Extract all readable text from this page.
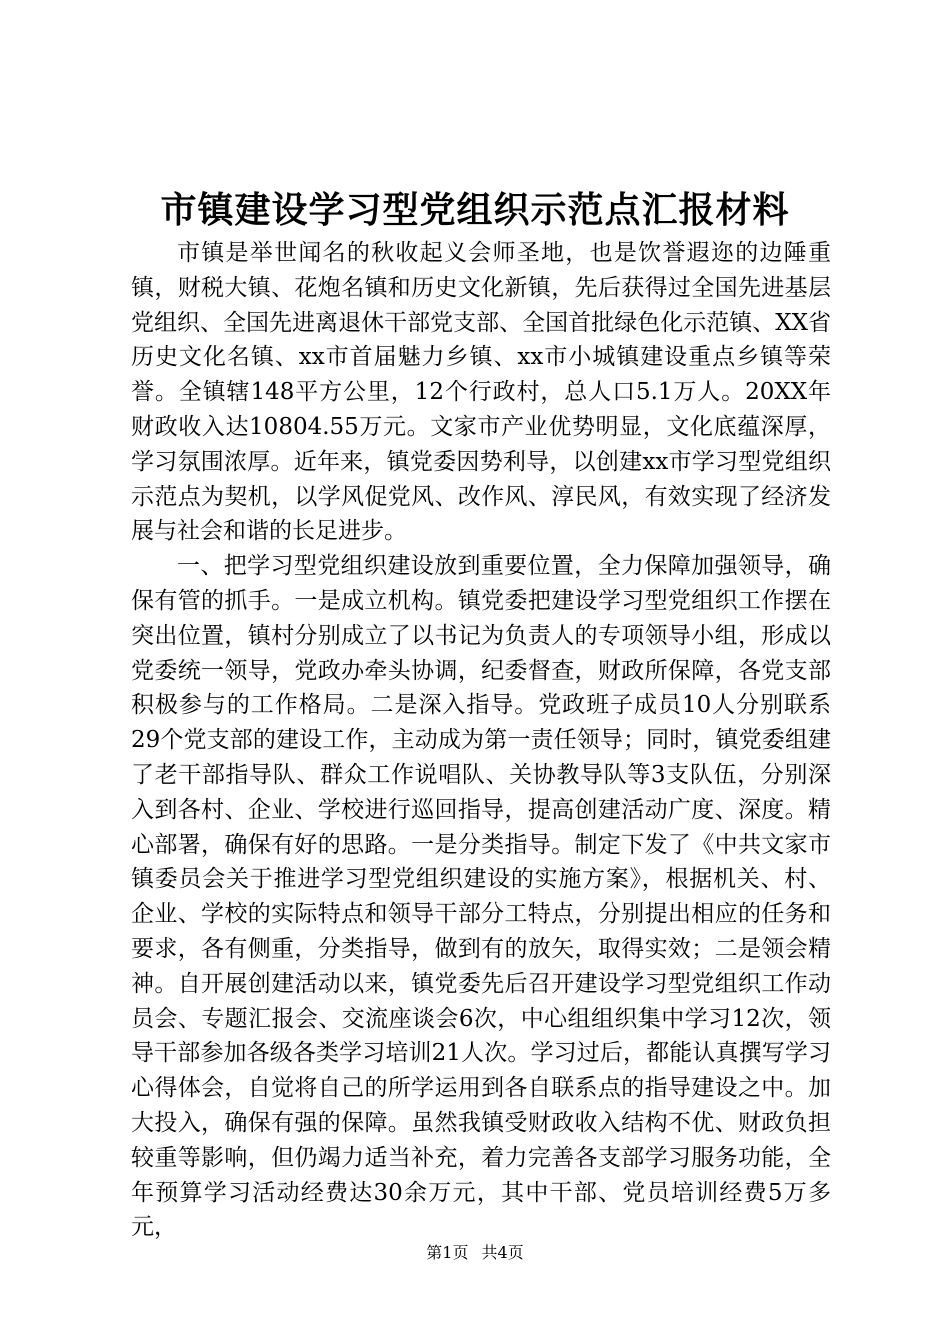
市镇建设学习型党组织示范点汇报材料

市镇是举世闻名的秋收起义会师圣地，也是饮誉遐迩的边陲重镇，财税大镇、花炮名镇和历史文化新镇，先后获得过全国先进基层党组织、全国先进离退休干部党支部、全国首批绿色化示范镇、XX省历史文化名镇、xx市首届魅力乡镇、xx市小城镇建设重点乡镇等荣誉。全镇辖148平方公里，12个行政村，总人口5.1万人。20XX年财政收入达10804.55万元。文家市产业优势明显，文化底蕴深厚，学习氛围浓厚。近年来，镇党委因势利导，以创建xx市学习型党组织示范点为契机，以学风促党风、改作风、淳民风，有效实现了经济发展与社会和谐的长足进步。

一、把学习型党组织建设放到重要位置，全力保障加强领导，确保有管的抓手。一是成立机构。镇党委把建设学习型党组织工作摆在突出位置，镇村分别成立了以书记为负责人的专项领导小组，形成以党委统一领导，党政办牵头协调，纪委督查，财政所保障，各党支部积极参与的工作格局。二是深入指导。党政班子成员10人分别联系29个党支部的建设工作，主动成为第一责任领导；同时，镇党委组建了老干部指导队、群众工作说唱队、关协教导队等3支队伍，分别深入到各村、企业、学校进行巡回指导，提高创建活动广度、深度。精心部署，确保有好的思路。一是分类指导。制定下发了《中共文家市镇委员会关于推进学习型党组织建设的实施方案》，根据机关、村、企业、学校的实际特点和领导干部分工特点，分别提出相应的任务和要求，各有侧重，分类指导，做到有的放矢，取得实效；二是领会精神。自开展创建活动以来，镇党委先后召开建设学习型党组织工作动员会、专题汇报会、交流座谈会6次，中心组组织集中学习12次，领导干部参加各级各类学习培训21人次。学习过后，都能认真撰写学习心得体会，自觉将自己的所学运用到各自联系点的指导建设之中。加大投入，确保有强的保障。虽然我镇受财政收入结构不优、财政负担较重等影响，但仍竭力适当补充，着力完善各支部学习服务功能，全年预算学习活动经费达30余万元，其中干部、党员培训经费5万多元，

第1页 共4页
